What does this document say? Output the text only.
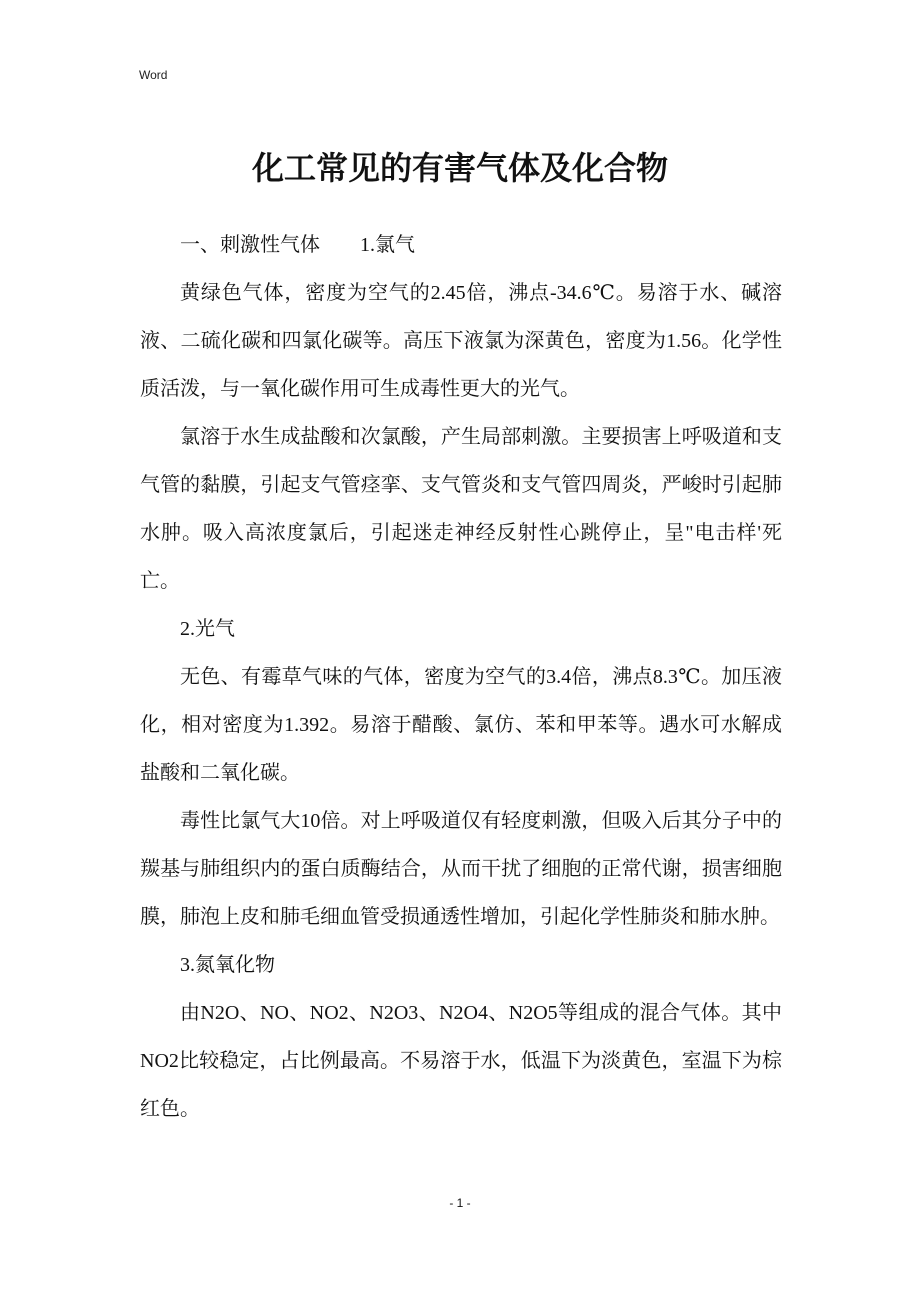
Word
化工常见的有害气体及化合物

一、刺激性气体　　1.氯气

黄绿色气体，密度为空气的2.45倍，沸点-34.6℃。易溶于水、碱溶液、二硫化碳和四氯化碳等。高压下液氯为深黄色，密度为1.56。化学性质活泼，与一氧化碳作用可生成毒性更大的光气。

氯溶于水生成盐酸和次氯酸，产生局部刺激。主要损害上呼吸道和支气管的黏膜，引起支气管痉挛、支气管炎和支气管四周炎，严峻时引起肺水肿。吸入高浓度氯后，引起迷走神经反射性心跳停止，呈"电击样'死亡。

2.光气

无色、有霉草气味的气体，密度为空气的3.4倍，沸点8.3℃。加压液化，相对密度为1.392。易溶于醋酸、氯仿、苯和甲苯等。遇水可水解成盐酸和二氧化碳。

毒性比氯气大10倍。对上呼吸道仅有轻度刺激，但吸入后其分子中的羰基与肺组织内的蛋白质酶结合，从而干扰了细胞的正常代谢，损害细胞膜，肺泡上皮和肺毛细血管受损通透性增加，引起化学性肺炎和肺水肿。

3.氮氧化物

由N2O、NO、NO2、N2O3、N2O4、N2O5等组成的混合气体。其中NO2比较稳定，占比例最高。不易溶于水，低温下为淡黄色，室温下为棕红色。

- 1 -
